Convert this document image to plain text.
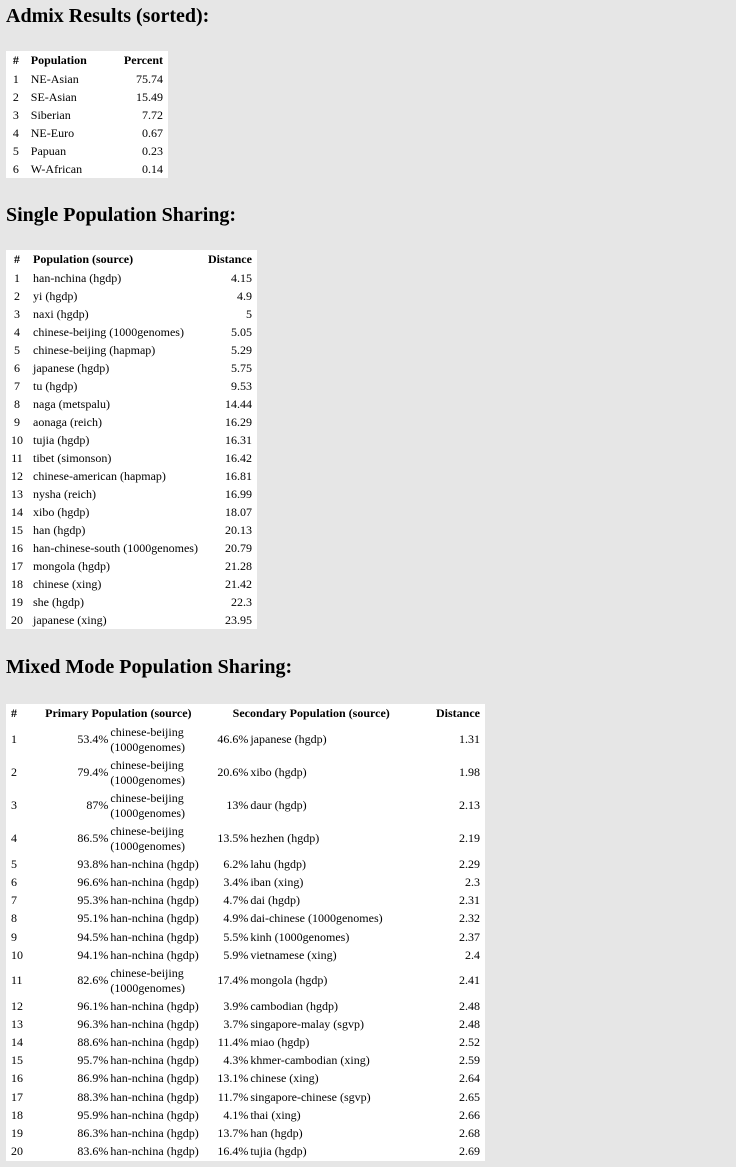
Admix Results (sorted):
#	Population	Percent
1	NE-Asian	75.74
2	SE-Asian	15.49
3	Siberian	7.72
4	NE-Euro	0.67
5	Papuan	0.23
6	W-African	0.14
Single Population Sharing:
#	Population (source)	Distance
1	han-nchina (hgdp)	4.15
2	yi (hgdp)	4.9
3	naxi (hgdp)	5
4	chinese-beijing (1000genomes)	5.05
5	chinese-beijing (hapmap)	5.29
6	japanese (hgdp)	5.75
7	tu (hgdp)	9.53
8	naga (metspalu)	14.44
9	aonaga (reich)	16.29
10	tujia (hgdp)	16.31
11	tibet (simonson)	16.42
12	chinese-american (hapmap)	16.81
13	nysha (reich)	16.99
14	xibo (hgdp)	18.07
15	han (hgdp)	20.13
16	han-chinese-south (1000genomes)	20.79
17	mongola (hgdp)	21.28
18	chinese (xing)	21.42
19	she (hgdp)	22.3
20	japanese (xing)	23.95
Mixed Mode Population Sharing:
#	Primary Population (source)		Secondary Population (source)		Distance
1	53.4%	chinese-beijing (1000genomes)	46.6%	japanese (hgdp)	1.31
2	79.4%	chinese-beijing (1000genomes)	20.6%	xibo (hgdp)	1.98
3	87%	chinese-beijing (1000genomes)	13%	daur (hgdp)	2.13
4	86.5%	chinese-beijing (1000genomes)	13.5%	hezhen (hgdp)	2.19
5	93.8%	han-nchina (hgdp)	6.2%	lahu (hgdp)	2.29
6	96.6%	han-nchina (hgdp)	3.4%	iban (xing)	2.3
7	95.3%	han-nchina (hgdp)	4.7%	dai (hgdp)	2.31
8	95.1%	han-nchina (hgdp)	4.9%	dai-chinese (1000genomes)	2.32
9	94.5%	han-nchina (hgdp)	5.5%	kinh (1000genomes)	2.37
10	94.1%	han-nchina (hgdp)	5.9%	vietnamese (xing)	2.4
11	82.6%	chinese-beijing (1000genomes)	17.4%	mongola (hgdp)	2.41
12	96.1%	han-nchina (hgdp)	3.9%	cambodian (hgdp)	2.48
13	96.3%	han-nchina (hgdp)	3.7%	singapore-malay (sgvp)	2.48
14	88.6%	han-nchina (hgdp)	11.4%	miao (hgdp)	2.52
15	95.7%	han-nchina (hgdp)	4.3%	khmer-cambodian (xing)	2.59
16	86.9%	han-nchina (hgdp)	13.1%	chinese (xing)	2.64
17	88.3%	han-nchina (hgdp)	11.7%	singapore-chinese (sgvp)	2.65
18	95.9%	han-nchina (hgdp)	4.1%	thai (xing)	2.66
19	86.3%	han-nchina (hgdp)	13.7%	han (hgdp)	2.68
20	83.6%	han-nchina (hgdp)	16.4%	tujia (hgdp)	2.69
